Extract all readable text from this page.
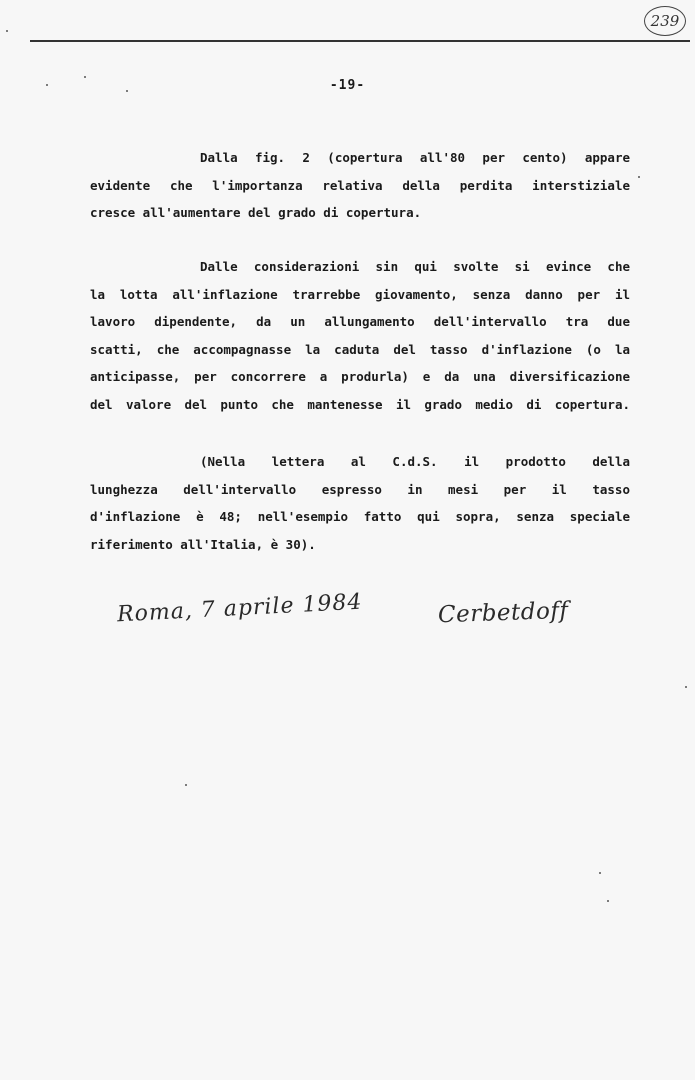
239
-19-

Dalla fig. 2 (copertura all'80 per cento) appare
evidente che l'importanza relativa della perdita interstiziale
cresce all'aumentare del grado di copertura.

Dalle considerazioni sin qui svolte si evince che
la lotta all'inflazione trarrebbe giovamento, senza danno per il
lavoro dipendente, da un allungamento dell'intervallo tra due
scatti, che accompagnasse la caduta del tasso d'inflazione (o la
anticipasse, per concorrere a produrla) e da una diversificazione
del valore del punto che mantenesse il grado medio di copertura.

(Nella lettera al C.d.S. il prodotto della
lunghezza dell'intervallo espresso in mesi per il tasso
d'inflazione è 48; nell'esempio fatto qui sopra, senza speciale
riferimento all'Italia, è 30).

Roma, 7 aprile 1984	Cerbetdoff
